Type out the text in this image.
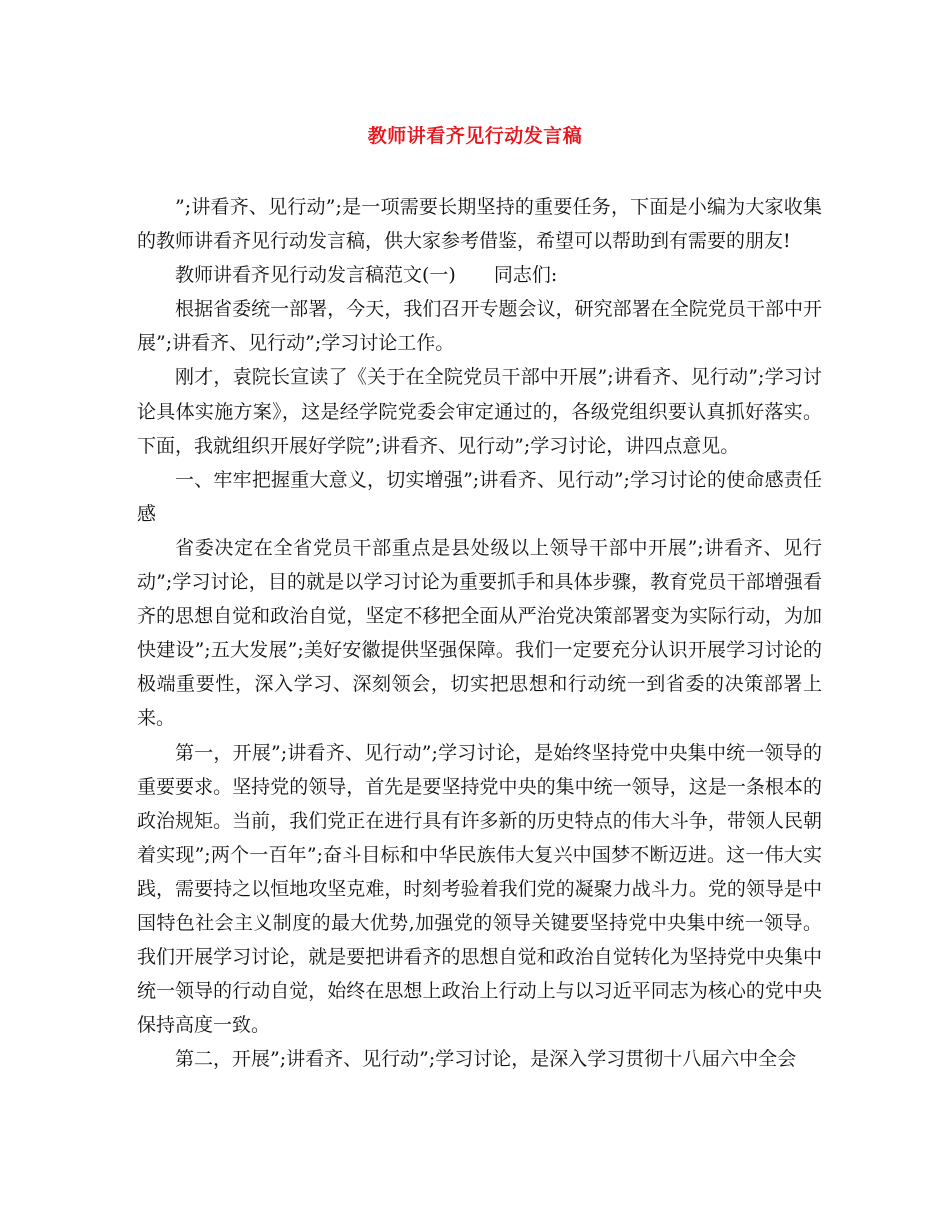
教师讲看齐见行动发言稿

”;讲看齐、见行动”;是一项需要长期坚持的重要任务，下面是小编为大家收集的教师讲看齐见行动发言稿，供大家参考借鉴，希望可以帮助到有需要的朋友!

教师讲看齐见行动发言稿范文(一)　　同志们:

根据省委统一部署，今天，我们召开专题会议，研究部署在全院党员干部中开展”;讲看齐、见行动”;学习讨论工作。

刚才，袁院长宣读了《关于在全院党员干部中开展”;讲看齐、见行动”;学习讨论具体实施方案》，这是经学院党委会审定通过的，各级党组织要认真抓好落实。下面，我就组织开展好学院”;讲看齐、见行动”;学习讨论，讲四点意见。

一、牢牢把握重大意义，切实增强”;讲看齐、见行动”;学习讨论的使命感责任感

省委决定在全省党员干部重点是县处级以上领导干部中开展”;讲看齐、见行动”;学习讨论，目的就是以学习讨论为重要抓手和具体步骤，教育党员干部增强看齐的思想自觉和政治自觉，坚定不移把全面从严治党决策部署变为实际行动，为加快建设”;五大发展”;美好安徽提供坚强保障。我们一定要充分认识开展学习讨论的极端重要性，深入学习、深刻领会，切实把思想和行动统一到省委的决策部署上来。

第一，开展”;讲看齐、见行动”;学习讨论，是始终坚持党中央集中统一领导的重要要求。坚持党的领导，首先是要坚持党中央的集中统一领导，这是一条根本的政治规矩。当前，我们党正在进行具有许多新的历史特点的伟大斗争，带领人民朝着实现”;两个一百年”;奋斗目标和中华民族伟大复兴中国梦不断迈进。这一伟大实践，需要持之以恒地攻坚克难，时刻考验着我们党的凝聚力战斗力。党的领导是中国特色社会主义制度的最大优势,加强党的领导关键要坚持党中央集中统一领导。我们开展学习讨论，就是要把讲看齐的思想自觉和政治自觉转化为坚持党中央集中统一领导的行动自觉，始终在思想上政治上行动上与以习近平同志为核心的党中央保持高度一致。

第二，开展”;讲看齐、见行动”;学习讨论，是深入学习贯彻十八届六中全会
